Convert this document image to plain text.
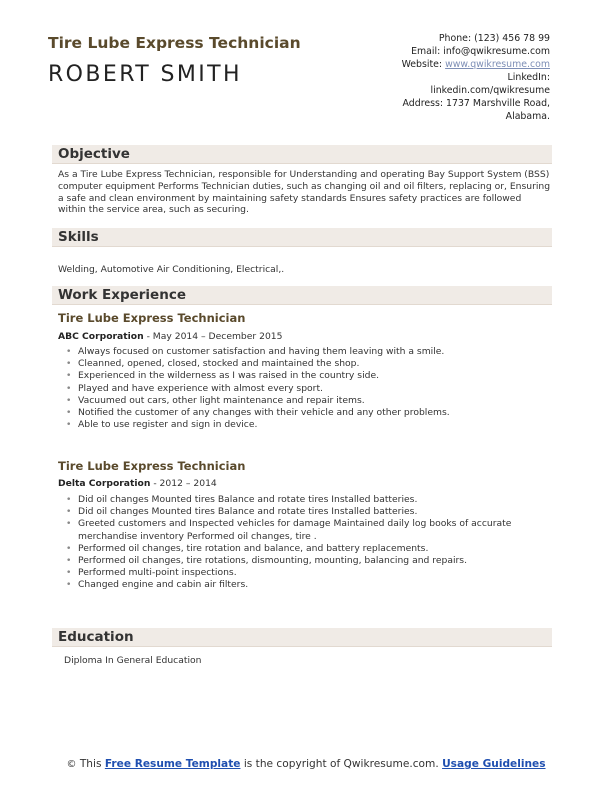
Tire Lube Express Technician
ROBERT SMITH
Phone: (123) 456 78 99
Email: info@qwikresume.com
Website: www.qwikresume.com
LinkedIn:
linkedin.com/qwikresume
Address: 1737 Marshville Road,
Alabama.
Objective
As a Tire Lube Express Technician, responsible for Understanding and operating Bay Support System (BSS) computer equipment Performs Technician duties, such as changing oil and oil filters, replacing or, Ensuring a safe and clean environment by maintaining safety standards Ensures safety practices are followed within the service area, such as securing.
Skills
Welding, Automotive Air Conditioning, Electrical,.
Work Experience
Tire Lube Express Technician
ABC Corporation - May 2014 – December 2015
• Always focused on customer satisfaction and having them leaving with a smile.
• Cleanned, opened, closed, stocked and maintained the shop.
• Experienced in the wilderness as I was raised in the country side.
• Played and have experience with almost every sport.
• Vacuumed out cars, other light maintenance and repair items.
• Notified the customer of any changes with their vehicle and any other problems.
• Able to use register and sign in device.
Tire Lube Express Technician
Delta Corporation - 2012 – 2014
• Did oil changes Mounted tires Balance and rotate tires Installed batteries.
• Did oil changes Mounted tires Balance and rotate tires Installed batteries.
• Greeted customers and Inspected vehicles for damage Maintained daily log books of accurate merchandise inventory Performed oil changes, tire .
• Performed oil changes, tire rotation and balance, and battery replacements.
• Performed oil changes, tire rotations, dismounting, mounting, balancing and repairs.
• Performed multi-point inspections.
• Changed engine and cabin air filters.
Education
Diploma In General Education
© This Free Resume Template is the copyright of Qwikresume.com. Usage Guidelines
